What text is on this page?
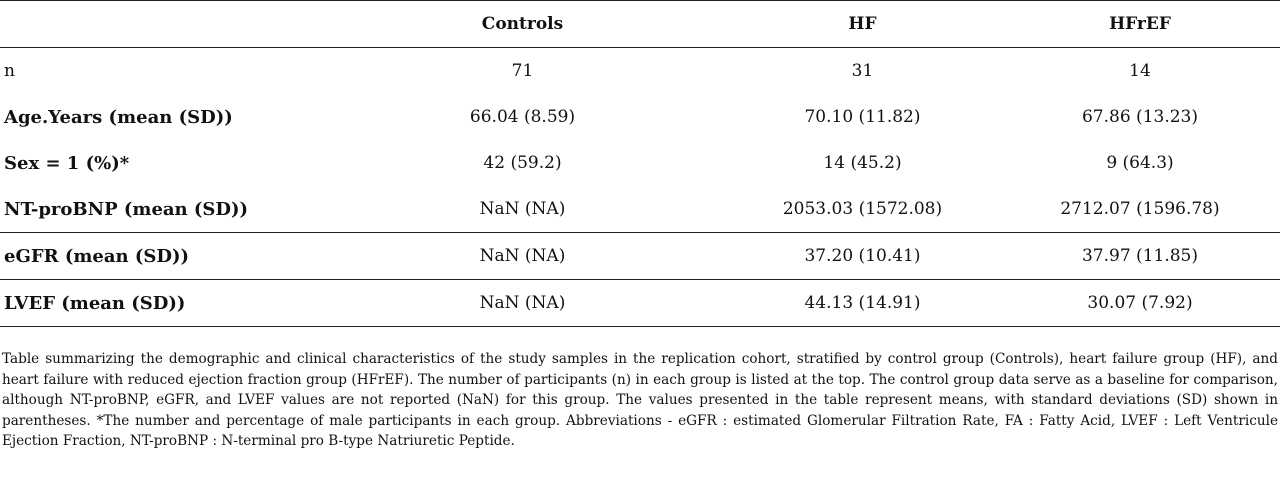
	Controls	HF	HFrEF
n	71	31	14
Age.Years (mean (SD))	66.04 (8.59)	70.10 (11.82)	67.86 (13.23)
Sex = 1 (%)*	42 (59.2)	14 (45.2)	9 (64.3)
NT-proBNP (mean (SD))	NaN (NA)	2053.03 (1572.08)	2712.07 (1596.78)
eGFR (mean (SD))	NaN (NA)	37.20 (10.41)	37.97 (11.85)
LVEF (mean (SD))	NaN (NA)	44.13 (14.91)	30.07 (7.92)
Table summarizing the demographic and clinical characteristics of the study samples in the replication cohort, stratified by control group (Controls), heart failure group (HF), and heart failure with reduced ejection fraction group (HFrEF). The number of participants (n) in each group is listed at the top. The control group data serve as a baseline for comparison, although NT-proBNP, eGFR, and LVEF values are not reported (NaN) for this group. The values presented in the table represent means, with standard deviations (SD) shown in parentheses. *The number and percentage of male participants in each group. Abbreviations - eGFR : estimated Glomerular Filtration Rate, FA : Fatty Acid, LVEF : Left Ventricule Ejection Fraction, NT-proBNP : N-terminal pro B-type Natriuretic Peptide.
